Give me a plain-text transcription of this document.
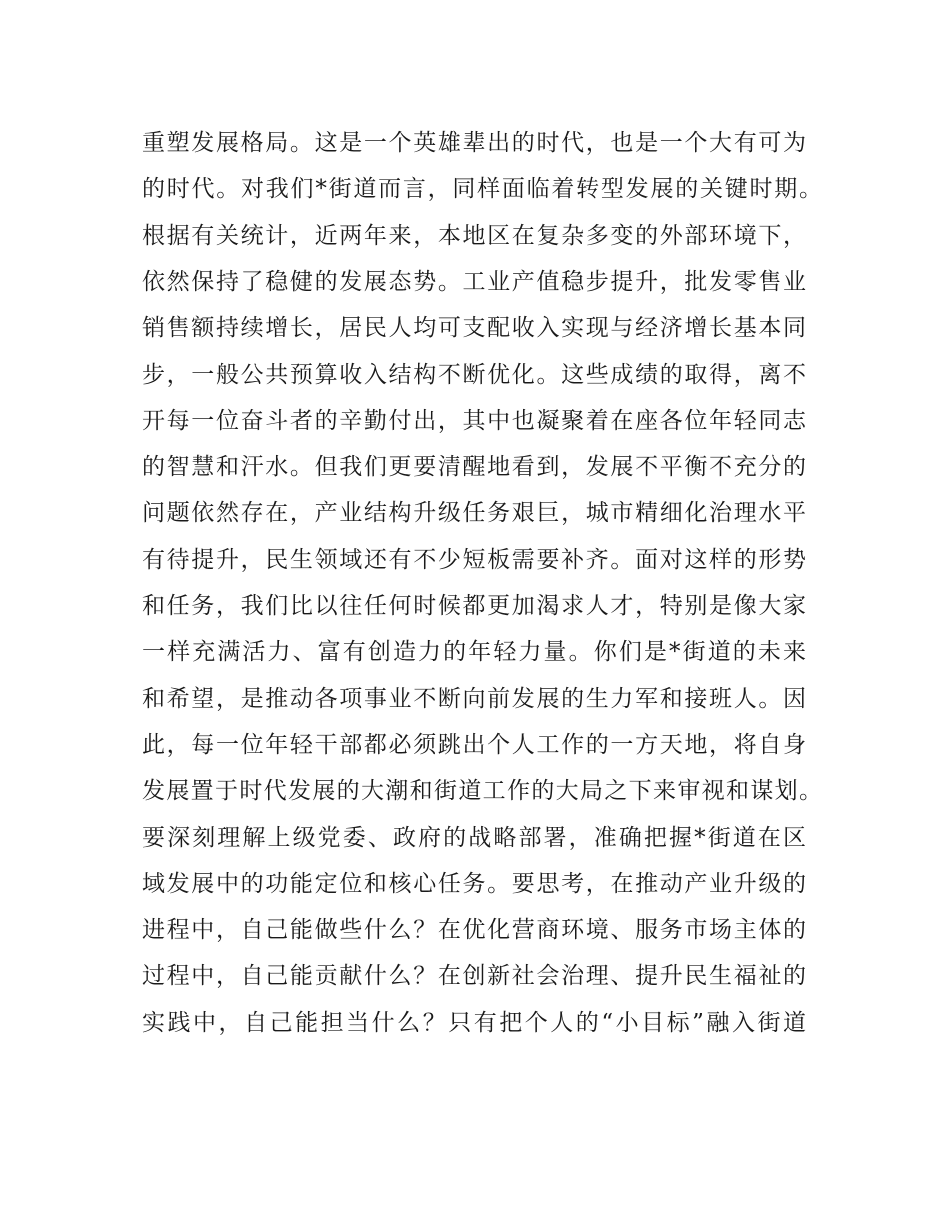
重塑发展格局。这是一个英雄辈出的时代，也是一个大有可为
的时代。对我们*街道而言，同样面临着转型发展的关键时期。
根据有关统计，近两年来，本地区在复杂多变的外部环境下，
依然保持了稳健的发展态势。工业产值稳步提升，批发零售业
销售额持续增长，居民人均可支配收入实现与经济增长基本同
步，一般公共预算收入结构不断优化。这些成绩的取得，离不
开每一位奋斗者的辛勤付出，其中也凝聚着在座各位年轻同志
的智慧和汗水。但我们更要清醒地看到，发展不平衡不充分的
问题依然存在，产业结构升级任务艰巨，城市精细化治理水平
有待提升，民生领域还有不少短板需要补齐。面对这样的形势
和任务，我们比以往任何时候都更加渴求人才，特别是像大家
一样充满活力、富有创造力的年轻力量。你们是*街道的未来
和希望，是推动各项事业不断向前发展的生力军和接班人。因
此，每一位年轻干部都必须跳出个人工作的一方天地，将自身
发展置于时代发展的大潮和街道工作的大局之下来审视和谋划。
要深刻理解上级党委、政府的战略部署，准确把握*街道在区
域发展中的功能定位和核心任务。要思考，在推动产业升级的
进程中，自己能做些什么？在优化营商环境、服务市场主体的
过程中，自己能贡献什么？在创新社会治理、提升民生福祉的
实践中，自己能担当什么？只有把个人的“小目标”融入街道
